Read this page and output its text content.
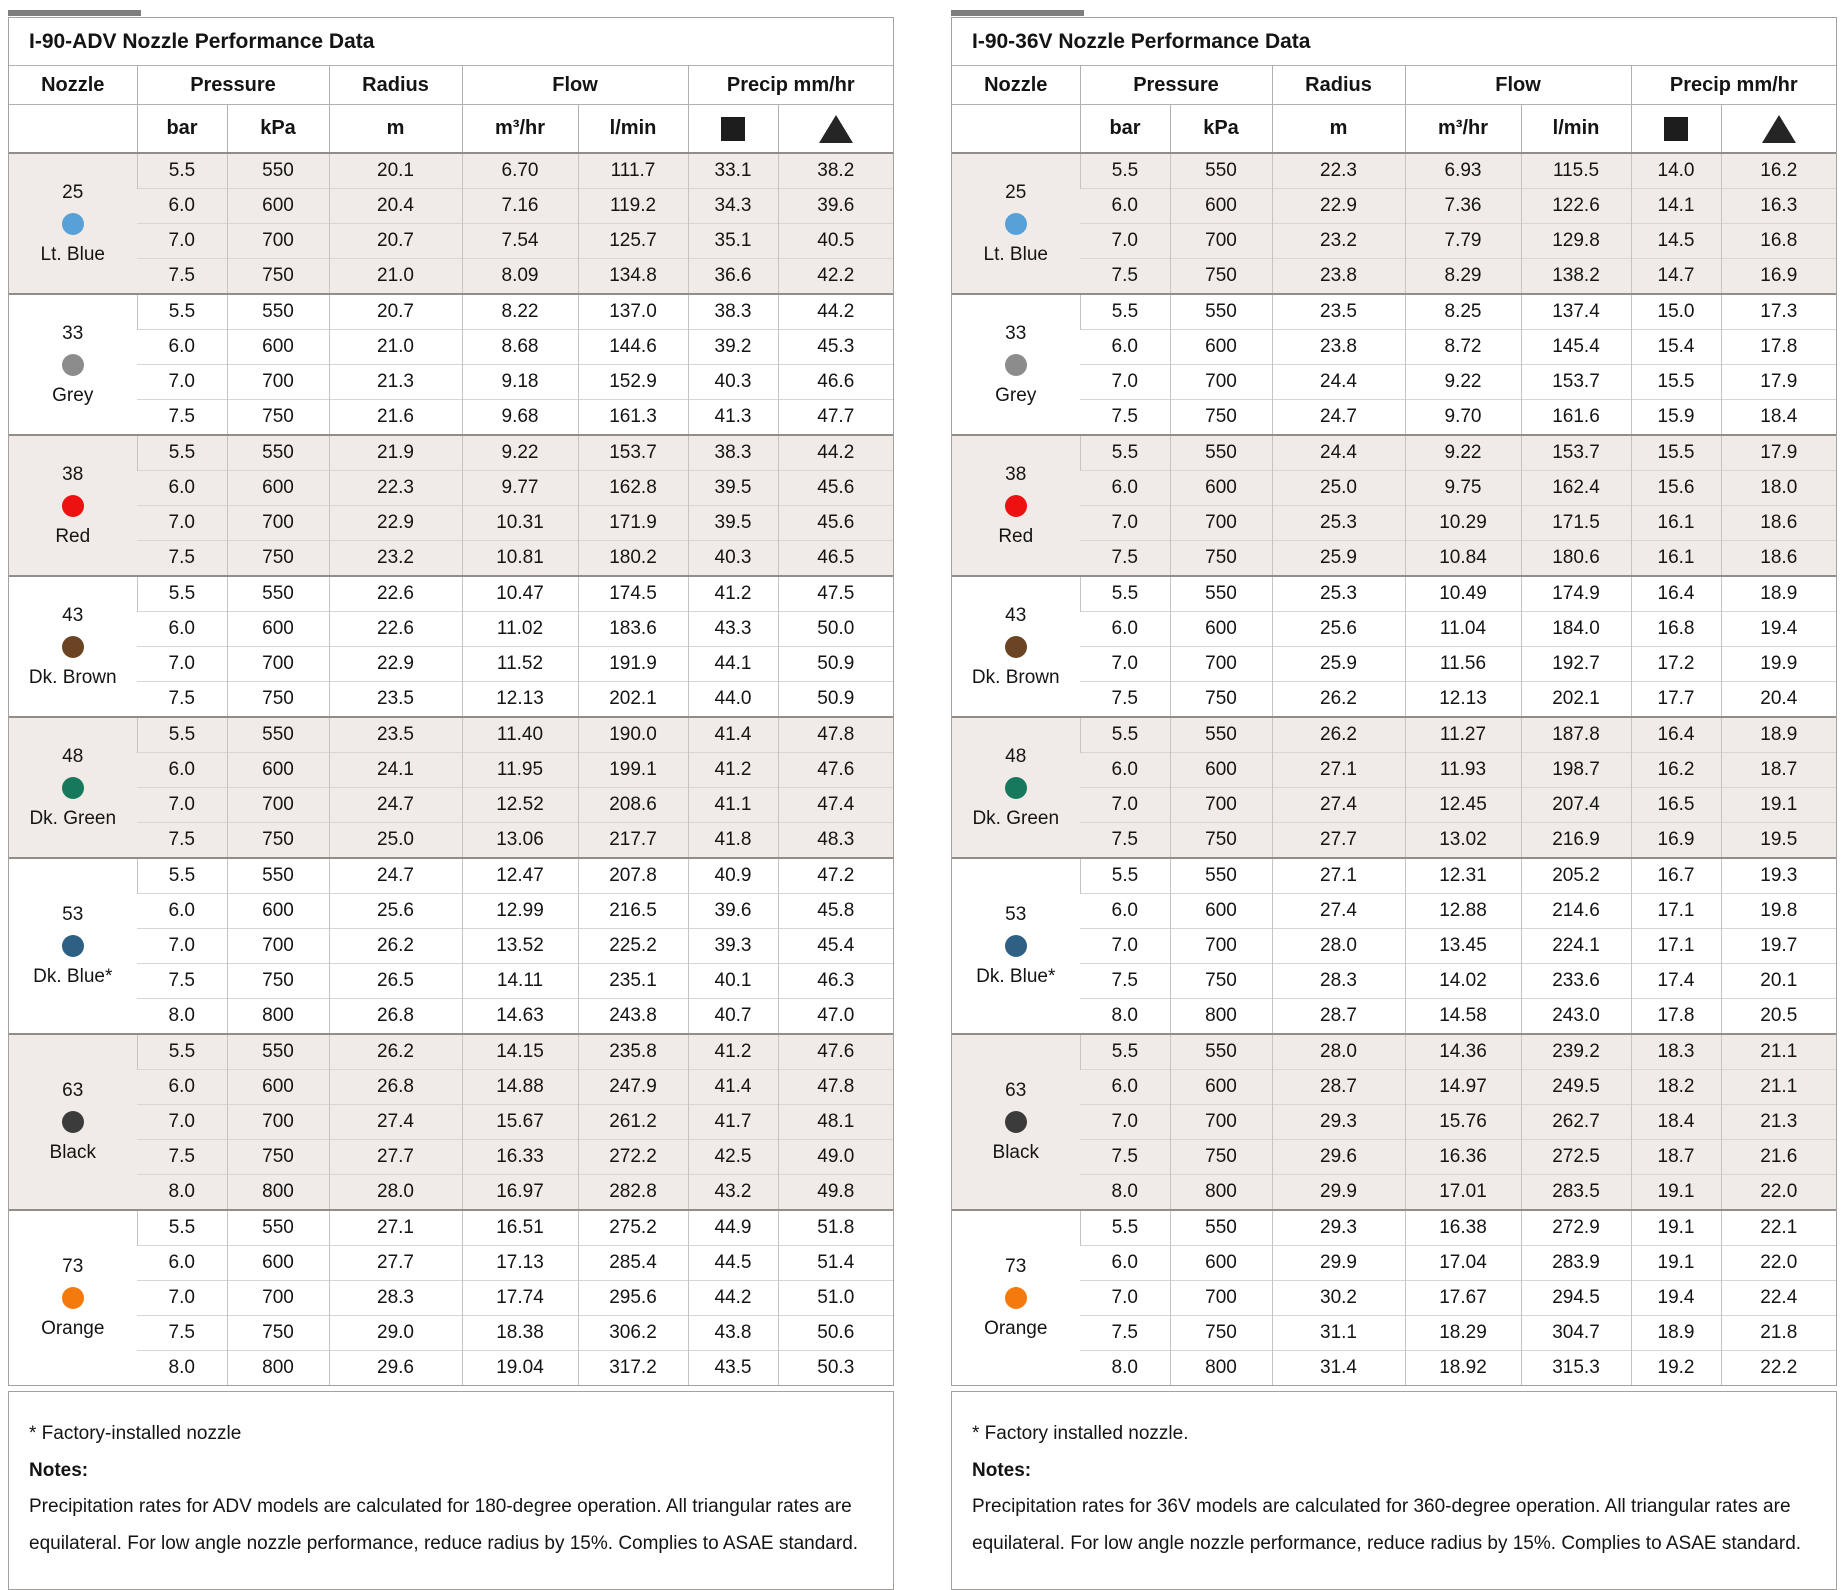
I-90-ADV Nozzle Performance Data
Nozzle	Pressure		Radius	Flow		Precip mm/hr	
	bar	kPa	m	m³/hr	l/min		

25
Lt. Blue	5.5	550	20.1	6.70	111.7	33.1	38.2
	6.0	600	20.4	7.16	119.2	34.3	39.6
	7.0	700	20.7	7.54	125.7	35.1	40.5
	7.5	750	21.0	8.09	134.8	36.6	42.2

33
Grey	5.5	550	20.7	8.22	137.0	38.3	44.2
	6.0	600	21.0	8.68	144.6	39.2	45.3
	7.0	700	21.3	9.18	152.9	40.3	46.6
	7.5	750	21.6	9.68	161.3	41.3	47.7

38
Red	5.5	550	21.9	9.22	153.7	38.3	44.2
	6.0	600	22.3	9.77	162.8	39.5	45.6
	7.0	700	22.9	10.31	171.9	39.5	45.6
	7.5	750	23.2	10.81	180.2	40.3	46.5

43
Dk. Brown	5.5	550	22.6	10.47	174.5	41.2	47.5
	6.0	600	22.6	11.02	183.6	43.3	50.0
	7.0	700	22.9	11.52	191.9	44.1	50.9
	7.5	750	23.5	12.13	202.1	44.0	50.9

48
Dk. Green	5.5	550	23.5	11.40	190.0	41.4	47.8
	6.0	600	24.1	11.95	199.1	41.2	47.6
	7.0	700	24.7	12.52	208.6	41.1	47.4
	7.5	750	25.0	13.06	217.7	41.8	48.3

53
Dk. Blue*	5.5	550	24.7	12.47	207.8	40.9	47.2
	6.0	600	25.6	12.99	216.5	39.6	45.8
	7.0	700	26.2	13.52	225.2	39.3	45.4
	7.5	750	26.5	14.11	235.1	40.1	46.3
	8.0	800	26.8	14.63	243.8	40.7	47.0

63
Black	5.5	550	26.2	14.15	235.8	41.2	47.6
	6.0	600	26.8	14.88	247.9	41.4	47.8
	7.0	700	27.4	15.67	261.2	41.7	48.1
	7.5	750	27.7	16.33	272.2	42.5	49.0
	8.0	800	28.0	16.97	282.8	43.2	49.8

73
Orange	5.5	550	27.1	16.51	275.2	44.9	51.8
	6.0	600	27.7	17.13	285.4	44.5	51.4
	7.0	700	28.3	17.74	295.6	44.2	51.0
	7.5	750	29.0	18.38	306.2	43.8	50.6
	8.0	800	29.6	19.04	317.2	43.5	50.3

* Factory-installed nozzle

Notes:

Precipitation rates for ADV models are calculated for 180-degree operation. All triangular rates are equilateral. For low angle nozzle performance, reduce radius by 15%. Complies to ASAE standard.

I-90-36V Nozzle Performance Data
Nozzle	Pressure		Radius	Flow		Precip mm/hr	
	bar	kPa	m	m³/hr	l/min		

25
Lt. Blue	5.5	550	22.3	6.93	115.5	14.0	16.2
	6.0	600	22.9	7.36	122.6	14.1	16.3
	7.0	700	23.2	7.79	129.8	14.5	16.8
	7.5	750	23.8	8.29	138.2	14.7	16.9

33
Grey	5.5	550	23.5	8.25	137.4	15.0	17.3
	6.0	600	23.8	8.72	145.4	15.4	17.8
	7.0	700	24.4	9.22	153.7	15.5	17.9
	7.5	750	24.7	9.70	161.6	15.9	18.4

38
Red	5.5	550	24.4	9.22	153.7	15.5	17.9
	6.0	600	25.0	9.75	162.4	15.6	18.0
	7.0	700	25.3	10.29	171.5	16.1	18.6
	7.5	750	25.9	10.84	180.6	16.1	18.6

43
Dk. Brown	5.5	550	25.3	10.49	174.9	16.4	18.9
	6.0	600	25.6	11.04	184.0	16.8	19.4
	7.0	700	25.9	11.56	192.7	17.2	19.9
	7.5	750	26.2	12.13	202.1	17.7	20.4

48
Dk. Green	5.5	550	26.2	11.27	187.8	16.4	18.9
	6.0	600	27.1	11.93	198.7	16.2	18.7
	7.0	700	27.4	12.45	207.4	16.5	19.1
	7.5	750	27.7	13.02	216.9	16.9	19.5

53
Dk. Blue*	5.5	550	27.1	12.31	205.2	16.7	19.3
	6.0	600	27.4	12.88	214.6	17.1	19.8
	7.0	700	28.0	13.45	224.1	17.1	19.7
	7.5	750	28.3	14.02	233.6	17.4	20.1
	8.0	800	28.7	14.58	243.0	17.8	20.5

63
Black	5.5	550	28.0	14.36	239.2	18.3	21.1
	6.0	600	28.7	14.97	249.5	18.2	21.1
	7.0	700	29.3	15.76	262.7	18.4	21.3
	7.5	750	29.6	16.36	272.5	18.7	21.6
	8.0	800	29.9	17.01	283.5	19.1	22.0

73
Orange	5.5	550	29.3	16.38	272.9	19.1	22.1
	6.0	600	29.9	17.04	283.9	19.1	22.0
	7.0	700	30.2	17.67	294.5	19.4	22.4
	7.5	750	31.1	18.29	304.7	18.9	21.8
	8.0	800	31.4	18.92	315.3	19.2	22.2

* Factory installed nozzle.

Notes:

Precipitation rates for 36V models are calculated for 360-degree operation. All triangular rates are equilateral. For low angle nozzle performance, reduce radius by 15%. Complies to ASAE standard.
